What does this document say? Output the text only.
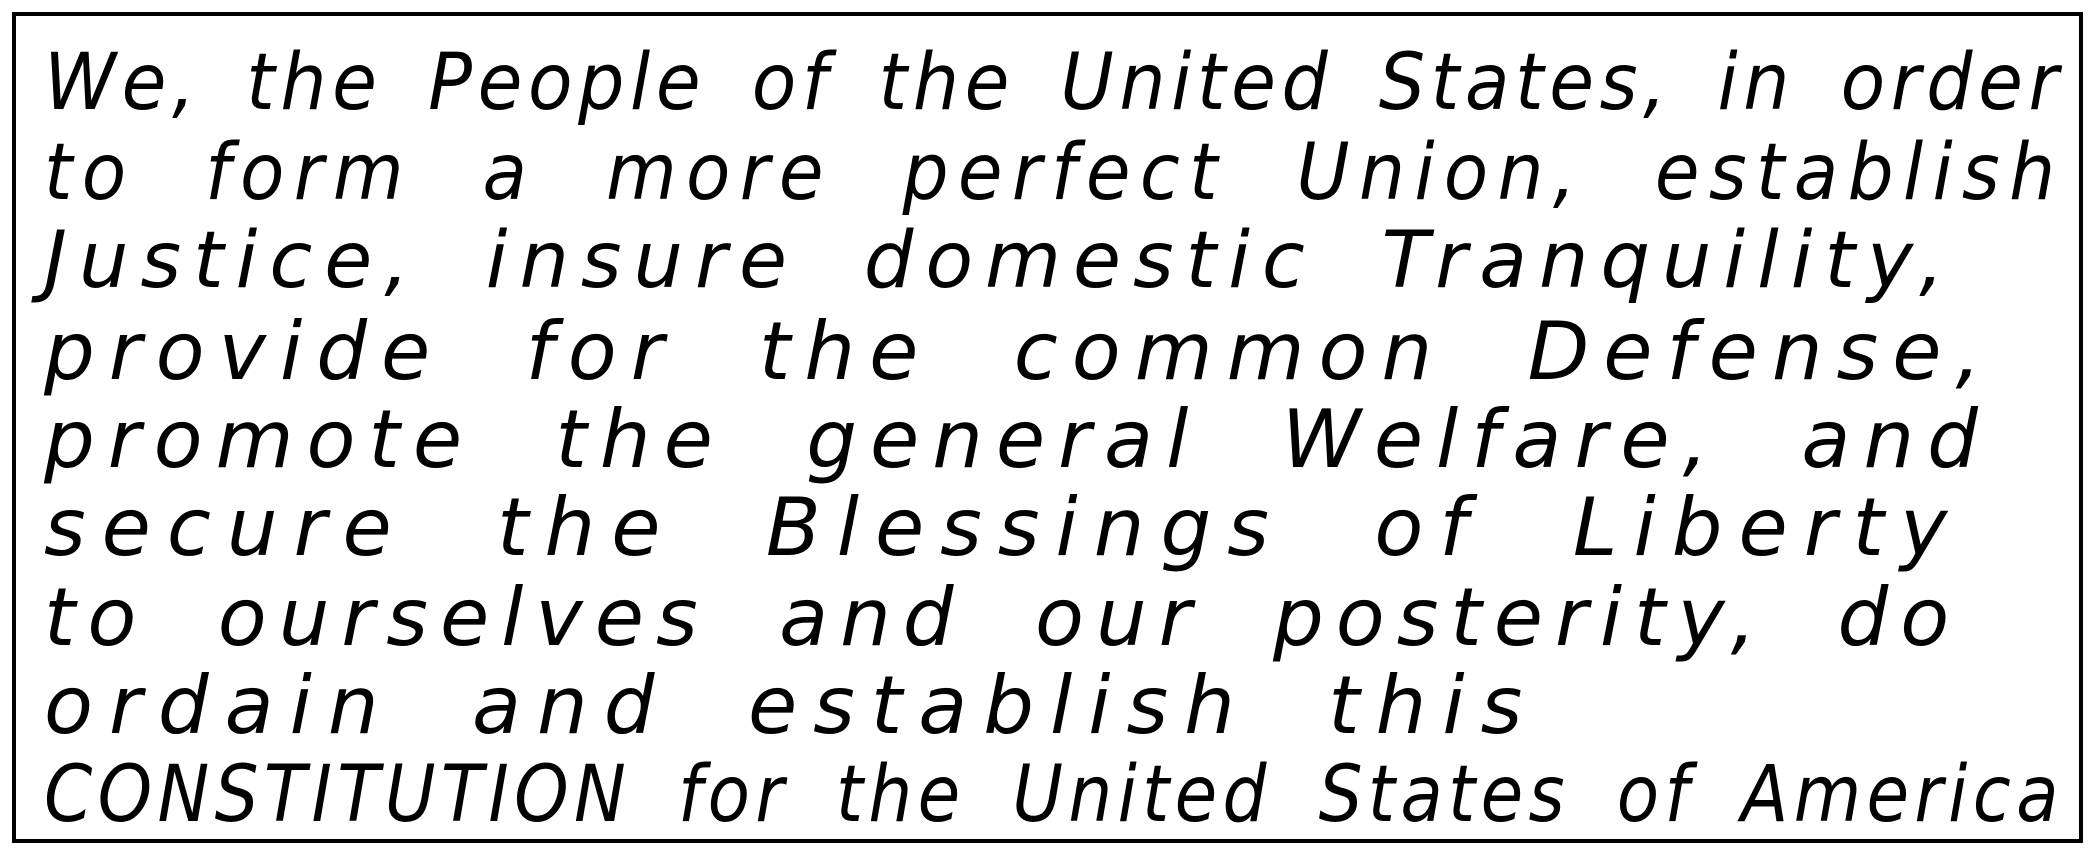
We, the People of the United States, in order
to form a more perfect Union, establish
Justice, insure domestic Tranquility,
provide for the common Defense,
promote the general Welfare, and
secure the Blessings of Liberty
to ourselves and our posterity, do
ordain and establish this
CONSTITUTION for the United States of America
